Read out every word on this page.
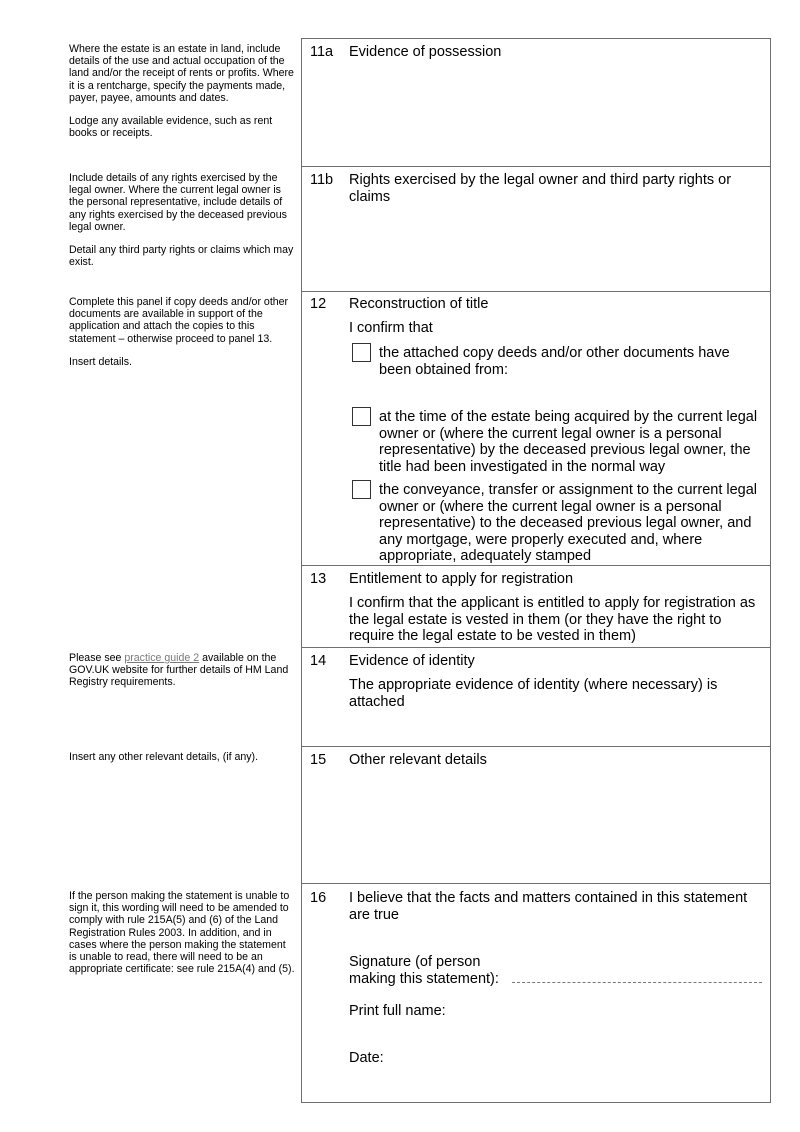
Where the estate is an estate in land, include details of the use and actual occupation of the land and/or the receipt of rents or profits. Where it is a rentcharge, specify the payments made, payer, payee, amounts and dates.

Lodge any available evidence, such as rent books or receipts.

Include details of any rights exercised by the legal owner. Where the current legal owner is the personal representative, include details of any rights exercised by the deceased previous legal owner.

Detail any third party rights or claims which may exist.

Complete this panel if copy deeds and/or other documents are available in support of the application and attach the copies to this statement – otherwise proceed to panel 13.

Insert details.

Please see practice guide 2 available on the GOV.UK website for further details of HM Land Registry requirements.
Insert any other relevant details, (if any).
If the person making the statement is unable to sign it, this wording will need to be amended to comply with rule 215A(5) and (6) of the Land Registration Rules 2003. In addition, and in cases where the person making the statement is unable to read, there will need to be an appropriate certificate: see rule 215A(4) and (5).
11a Evidence of possession
11b Rights exercised by the legal owner and third party rights or claims
12 Reconstruction of title
I confirm that
the attached copy deeds and/or other documents have been obtained from:
at the time of the estate being acquired by the current legal owner or (where the current legal owner is a personal representative) by the deceased previous legal owner, the title had been investigated in the normal way
the conveyance, transfer or assignment to the current legal owner or (where the current legal owner is a personal representative) to the deceased previous legal owner, and any mortgage, were properly executed and, where appropriate, adequately stamped
13 Entitlement to apply for registration
I confirm that the applicant is entitled to apply for registration as the legal estate is vested in them (or they have the right to require the legal estate to be vested in them)
14 Evidence of identity
The appropriate evidence of identity (where necessary) is attached
15 Other relevant details
16 I believe that the facts and matters contained in this statement are true
Signature (of person
making this statement):
Print full name:
Date:
